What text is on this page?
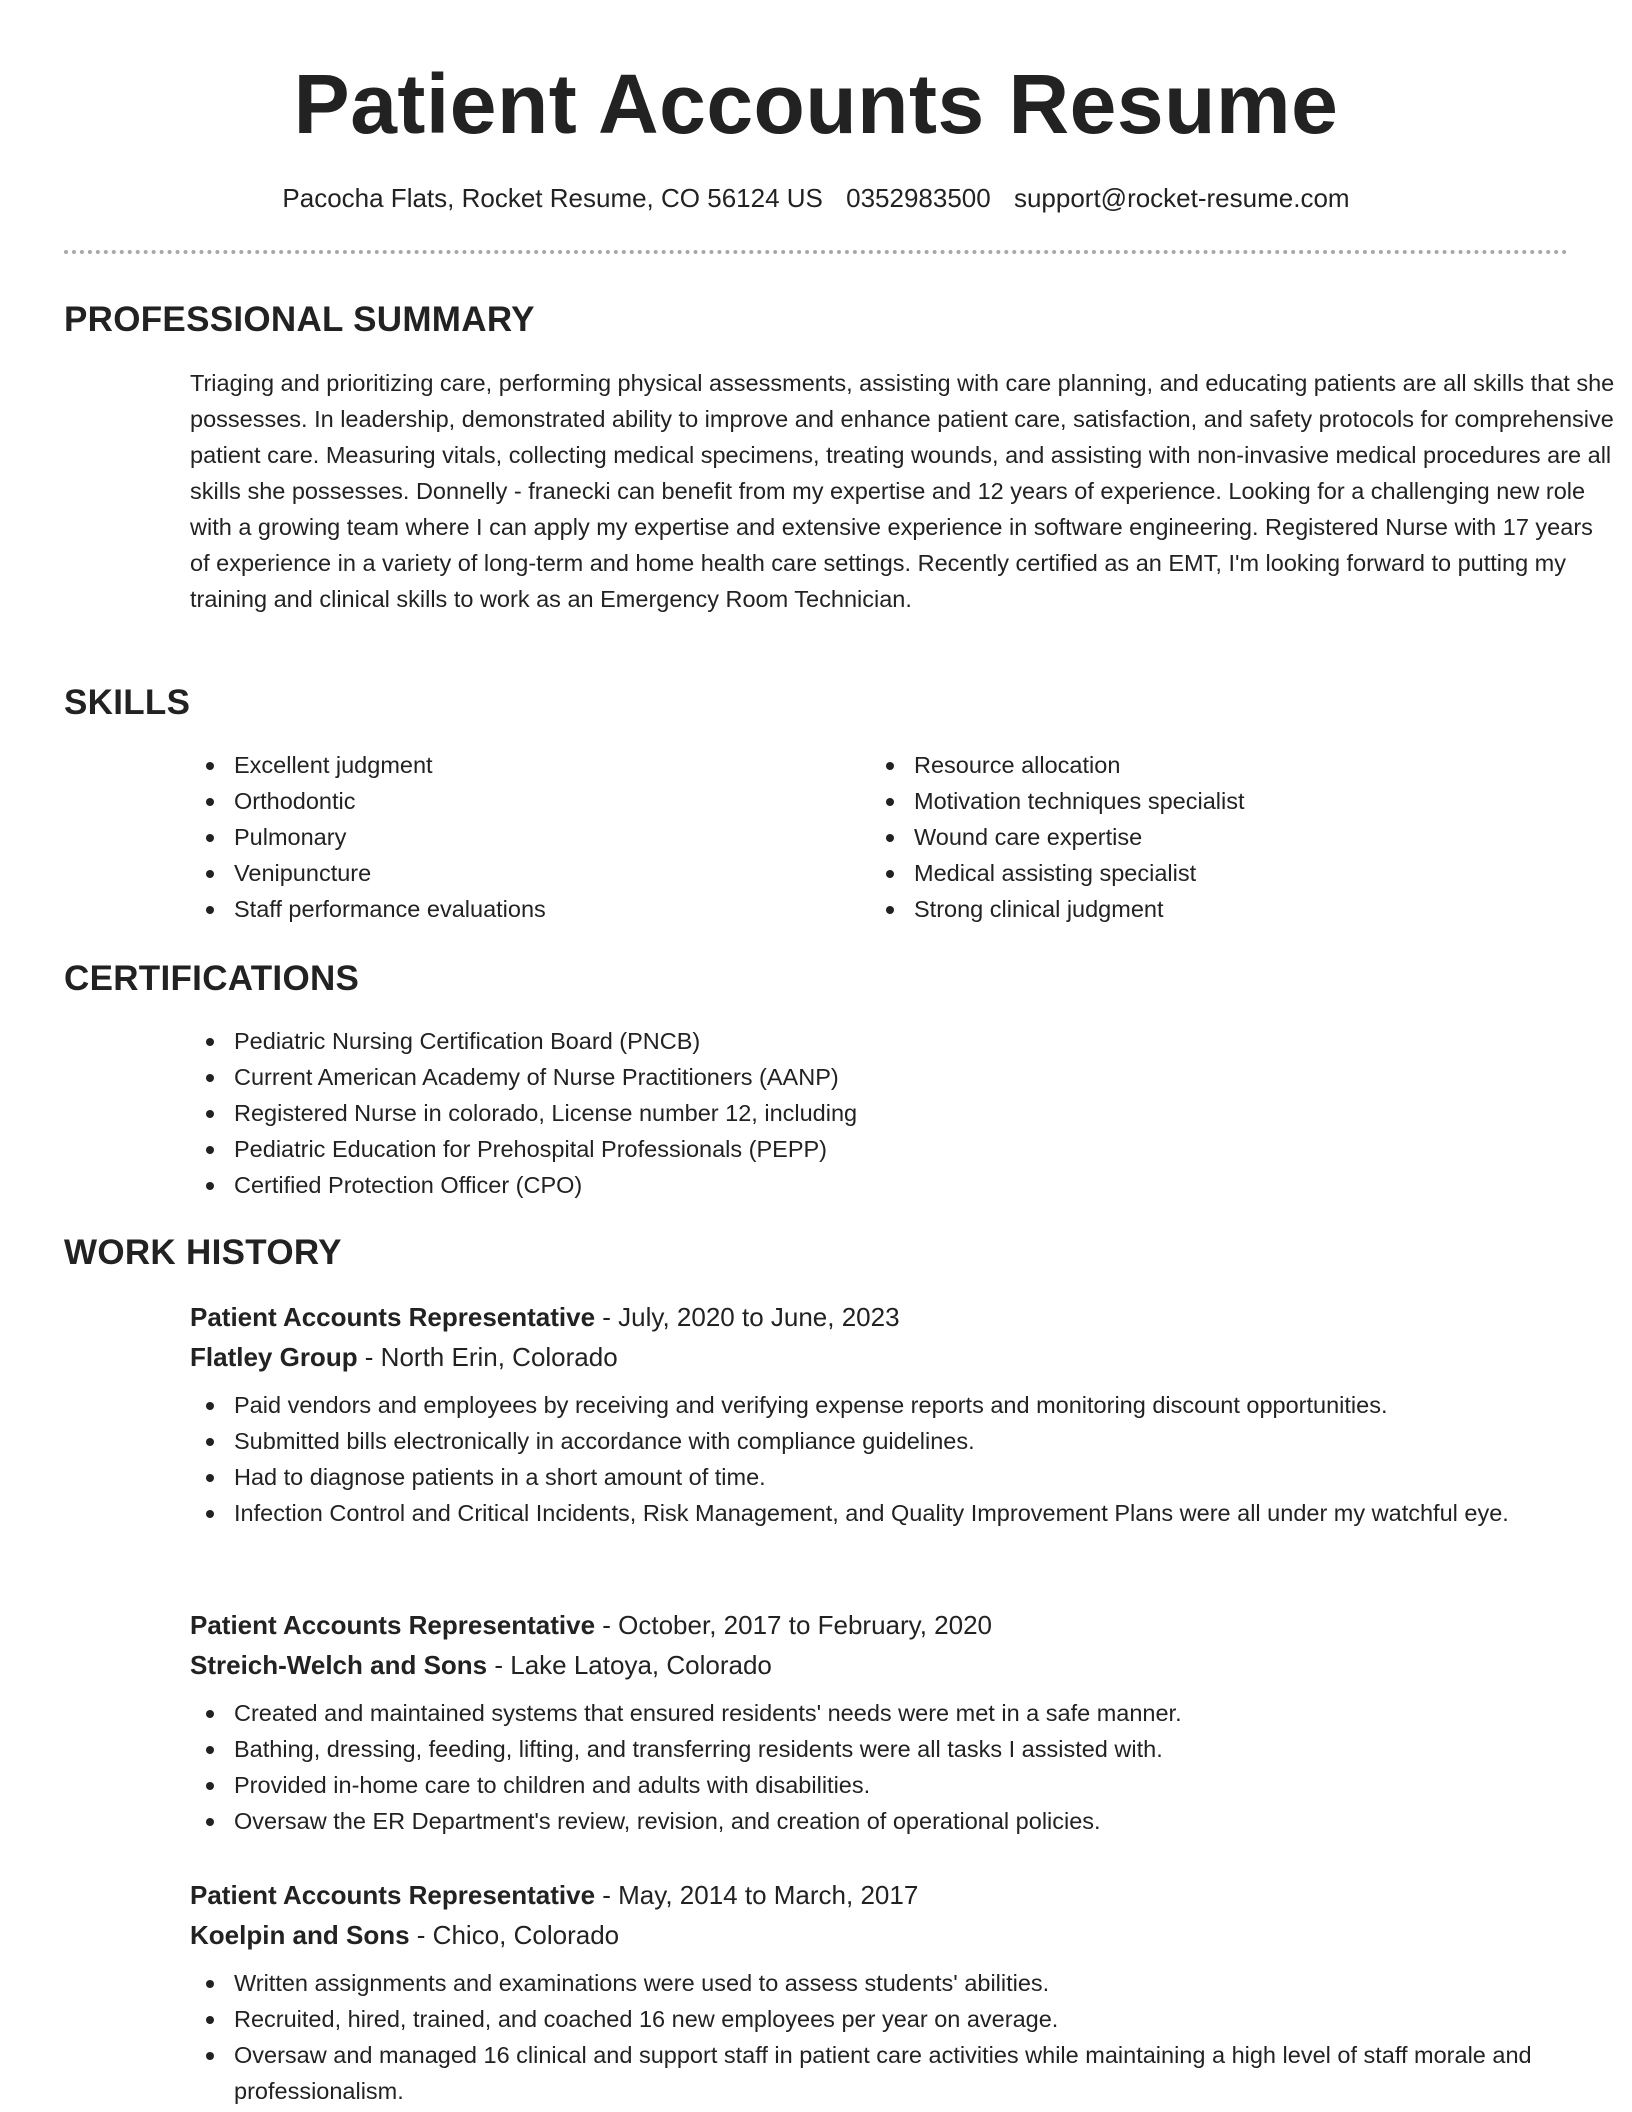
Patient Accounts Resume
Pacocha Flats, Rocket Resume, CO 56124 US 0352983500 support@rocket-resume.com
PROFESSIONAL SUMMARY

Triaging and prioritizing care, performing physical assessments, assisting with care planning, and educating patients are all skills that she possesses. In leadership, demonstrated ability to improve and enhance patient care, satisfaction, and safety protocols for comprehensive patient care. Measuring vitals, collecting medical specimens, treating wounds, and assisting with non-invasive medical procedures are all skills she possesses. Donnelly - franecki can benefit from my expertise and 12 years of experience. Looking for a challenging new role with a growing team where I can apply my expertise and extensive experience in software engineering. Registered Nurse with 17 years of experience in a variety of long-term and home health care settings. Recently certified as an EMT, I'm looking forward to putting my training and clinical skills to work as an Emergency Room Technician.

SKILLS
Excellent judgment
Orthodontic
Pulmonary
Venipuncture
Staff performance evaluations
Resource allocation
Motivation techniques specialist
Wound care expertise
Medical assisting specialist
Strong clinical judgment
CERTIFICATIONS
Pediatric Nursing Certification Board (PNCB)
Current American Academy of Nurse Practitioners (AANP)
Registered Nurse in colorado, License number 12, including
Pediatric Education for Prehospital Professionals (PEPP)
Certified Protection Officer (CPO)
WORK HISTORY
Patient Accounts Representative - July, 2020 to June, 2023
Flatley Group - North Erin, Colorado
Paid vendors and employees by receiving and verifying expense reports and monitoring discount opportunities.
Submitted bills electronically in accordance with compliance guidelines.
Had to diagnose patients in a short amount of time.
Infection Control and Critical Incidents, Risk Management, and Quality Improvement Plans were all under my watchful eye.
Patient Accounts Representative - October, 2017 to February, 2020
Streich-Welch and Sons - Lake Latoya, Colorado
Created and maintained systems that ensured residents' needs were met in a safe manner.
Bathing, dressing, feeding, lifting, and transferring residents were all tasks I assisted with.
Provided in-home care to children and adults with disabilities.
Oversaw the ER Department's review, revision, and creation of operational policies.
Patient Accounts Representative - May, 2014 to March, 2017
Koelpin and Sons - Chico, Colorado
Written assignments and examinations were used to assess students' abilities.
Recruited, hired, trained, and coached 16 new employees per year on average.
Oversaw and managed 16 clinical and support staff in patient care activities while maintaining a high level of staff morale and professionalism.
